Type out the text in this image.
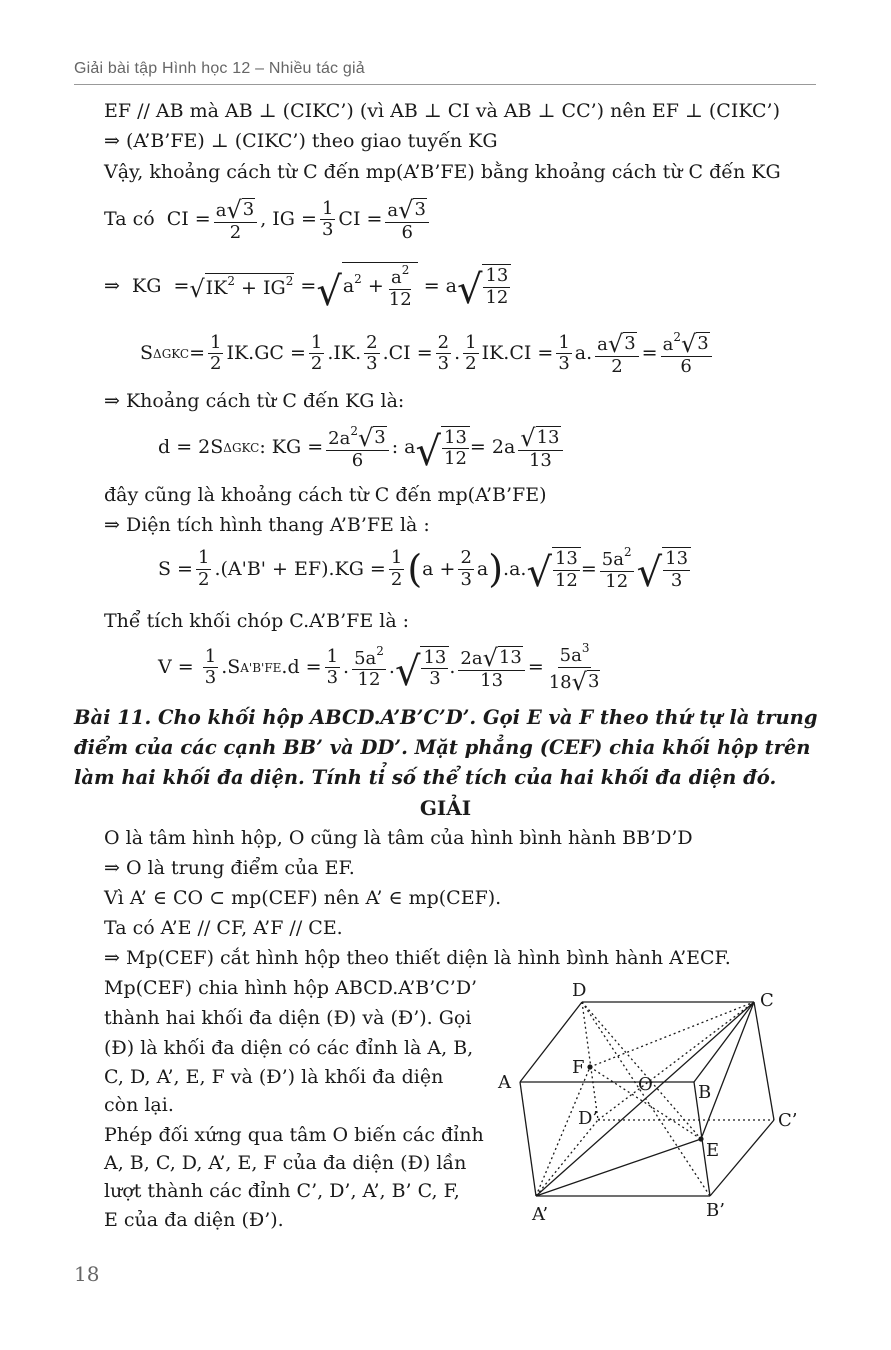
Giải bài tập Hình học 12 – Nhiều tác giả
EF // AB mà AB ⊥ (CIKC’) (vì AB ⊥ CI và AB ⊥ CC’) nên EF ⊥ (CIKC’)
⇒ (A’B’FE) ⊥ (CIKC’) theo giao tuyến KG
Vậy, khoảng cách từ C đến mp(A’B’FE) bằng khoảng cách từ C đến KG
Ta có  CI = $\frac{a √ 3}{2}$ , IG = $\frac{1}{3}$ CI = $\frac{a √ 3}{6}$
⇒  KG  = √ $IK^2 + IG^2$ = √ $a^2 + \frac{a^2}{12} = a$ √ $\frac{13}{12}$
S $\Delta GKC = \frac{1}{2} IK.GC = \frac{1}{2} .IK$. $\frac{2}{3} .CI = \frac{2}{3}$ . $\frac{1}{2} IK.CI = \frac{1}{3} a$. $\frac{a √ 3}{2} = \frac{a^2 √ 3}{6}$
⇒ Khoảng cách từ C đến KG là:
d = 2S ΔGKC : KG = $\frac{2a^2 √ 3}{6}$ : a √ $\frac{13}{12} = 2a \frac{√ 13}{13}$
đây cũng là khoảng cách từ C đến mp(A’B’FE)
⇒ Diện tích hình thang A’B’FE là :
$S = \frac{1}{2} .(A'B' + EF).KG = \frac{1}{2}$ ( $a + \frac{2}{3}$ a ) .a. √ $\frac{13}{12} = \frac{5a^2}{12}$ √ $\frac{13}{3}$
Thể tích khối chóp C.A’B’FE là :
$V = \frac{1}{3} .S$ A'B'FE $.d = \frac{1}{3}$ . $\frac{5a^2}{12}$ . √ $\frac{13}{3}$ . $\frac{2a √ 13}{13} = \frac{5a^3}{18 √ 3}$
Bài 11. Cho khối hộp ABCD.A’B’C’D’. Gọi E và F theo thứ tự là trung
điểm của các cạnh BB’ và DD’. Mặt phẳng (CEF) chia khối hộp trên
làm hai khối đa diện. Tính tỉ số thể tích của hai khối đa diện đó.
GIẢI
O là tâm hình hộp, O cũng là tâm của hình bình hành BB’D’D
⇒ O là trung điểm của EF.
Vì A’ ∈ CO ⊂ mp(CEF) nên A’ ∈ mp(CEF).
Ta có A’E // CF, A’F // CE.
⇒ Mp(CEF) cắt hình hộp theo thiết diện là hình bình hành A’ECF.
Mp(CEF) chia hình hộp ABCD.A’B’C’D’
thành hai khối đa diện (Đ) và (Đ’). Gọi
(Đ) là khối đa diện có các đỉnh là A, B,
C, D, A’, E, F và (Đ’) là khối đa diện
còn lại.
Phép đối xứng qua tâm O biến các đỉnh
A, B, C, D, A’, E, F của đa diện (Đ) lần
lượt thành các đỉnh C’, D’, A’, B’ C, F,
E của đa diện (Đ’).
D	C
A
F
O	B
D’	C’
E
A’	B’
18
